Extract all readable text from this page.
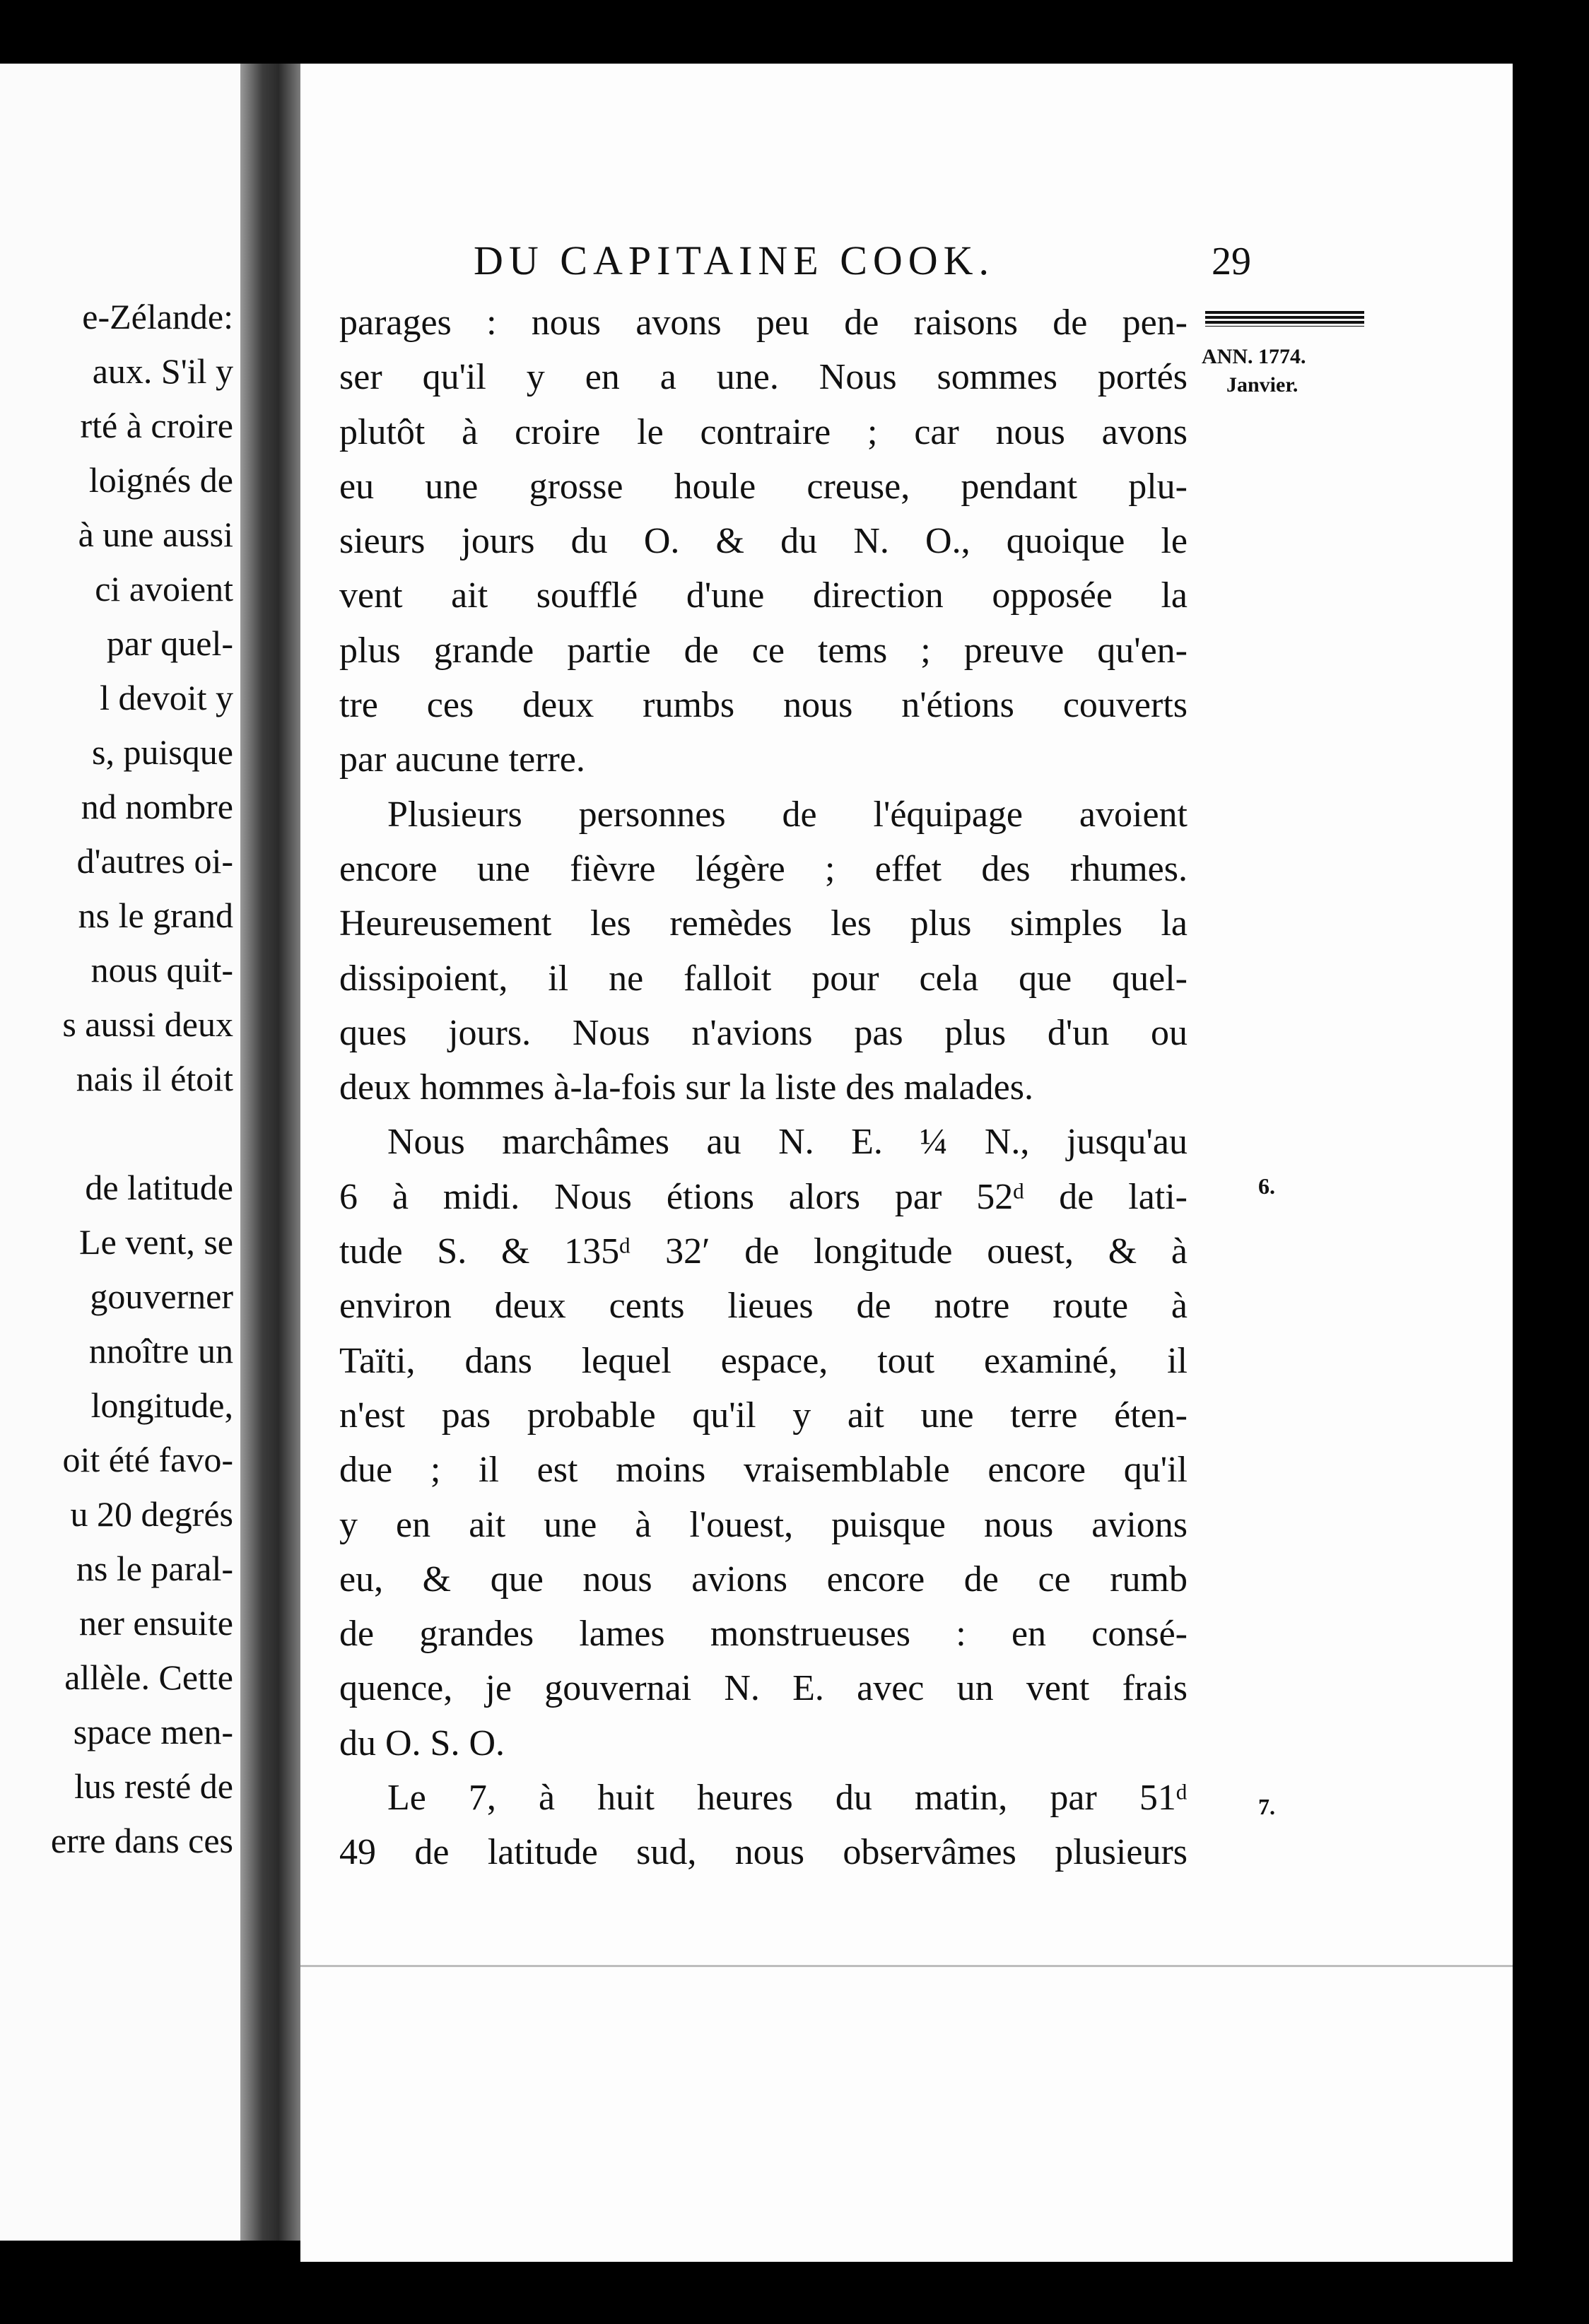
e-Zélande:
aux. S'il y
rté à croire
loignés de
à une aussi
ci avoient
par quel-
l devoit y
s, puisque
nd nombre
d'autres oi-
ns le grand
nous quit-
s aussi deux
nais il étoit
de latitude
Le vent, se
gouverner
nnoître un
longitude,
oit été favo-
u 20 degrés
ns le paral-
ner ensuite
allèle. Cette
space men-
lus resté de
erre dans ces
DU CAPITAINE COOK.	29
ANN. 1774.
Janvier.
6.
7.
parages : nous avons peu de raisons de pen-
ser qu'il y en a une. Nous sommes portés
plutôt à croire le contraire ; car nous avons
eu une grosse houle creuse, pendant plu-
sieurs jours du O. & du N. O., quoique le
vent ait soufflé d'une direction opposée la
plus grande partie de ce tems ; preuve qu'en-
tre ces deux rumbs nous n'étions couverts
par aucune terre.
Plusieurs personnes de l'équipage avoient
encore une fièvre légère ; effet des rhumes.
Heureusement les remèdes les plus simples la
dissipoient, il ne falloit pour cela que quel-
ques jours. Nous n'avions pas plus d'un ou
deux hommes à-la-fois sur la liste des malades.
Nous marchâmes au N. E. ¼ N., jusqu'au
6 à midi. Nous étions alors par 52ᵈ de lati-
tude S. & 135ᵈ 32′ de longitude ouest, & à
environ deux cents lieues de notre route à
Taïti, dans lequel espace, tout examiné, il
n'est pas probable qu'il y ait une terre éten-
due ; il est moins vraisemblable encore qu'il
y en ait une à l'ouest, puisque nous avions
eu, & que nous avions encore de ce rumb
de grandes lames monstrueuses : en consé-
quence, je gouvernai N. E. avec un vent frais
du O. S. O.
Le 7, à huit heures du matin, par 51ᵈ
49 de latitude sud, nous observâmes plusieurs
